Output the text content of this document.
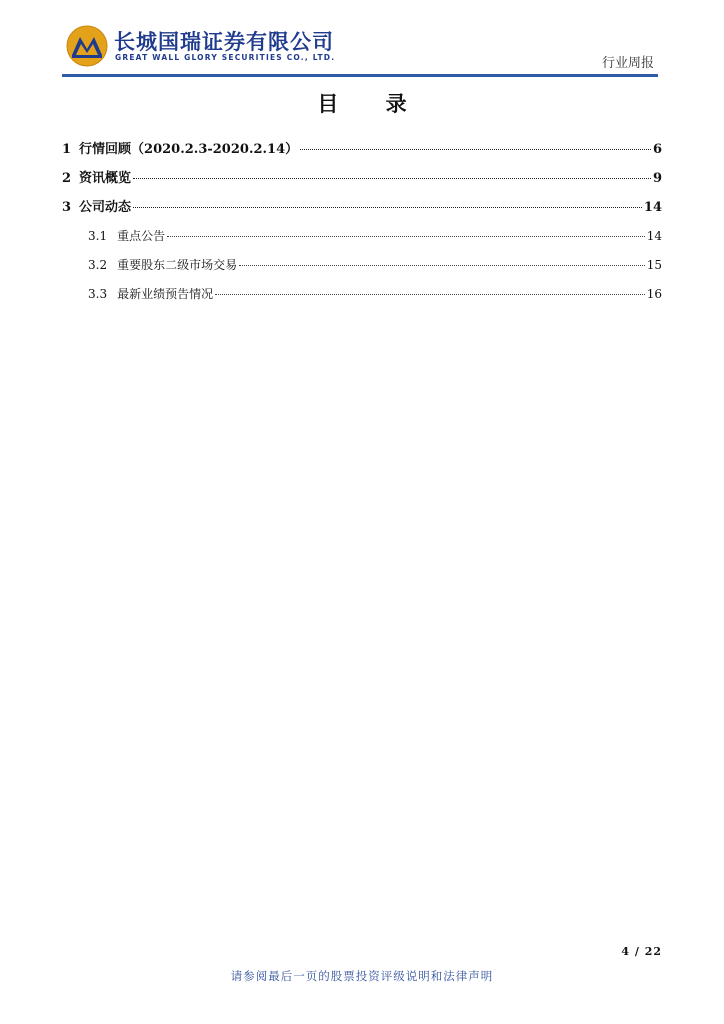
长城国瑞证券有限公司
GREAT WALL GLORY SECURITIES CO., LTD.	行业周报
目 录
1 行情回顾（2020.2.3-2020.2.14）	6
2 资讯概览	9
3 公司动态	14
3.1 重点公告	14
3.2 重要股东二级市场交易	15
3.3 最新业绩预告情况	16
4 / 22
请参阅最后一页的股票投资评级说明和法律声明
